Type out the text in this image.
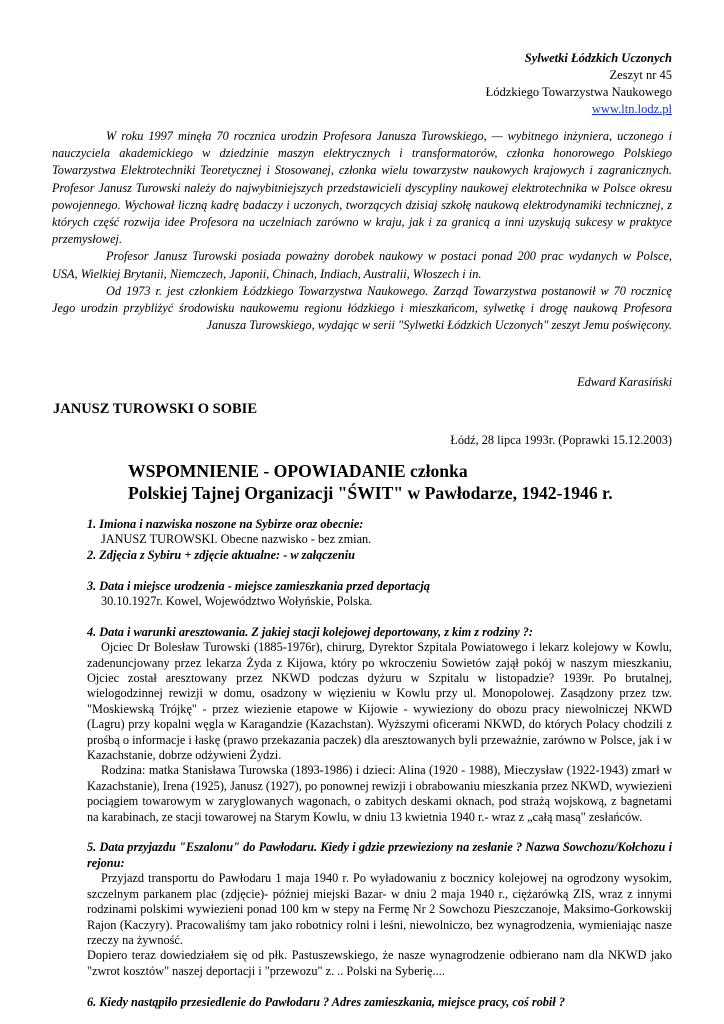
Sylwetki Łódzkich Uczonych
Zeszyt nr 45
Łódzkiego Towarzystwa Naukowego
www.ltn.lodz.pl

W roku 1997 minęła 70 rocznica urodzin Profesora Janusza Turowskiego, — wybitnego inżyniera, uczonego i nauczyciela akademickiego w dziedzinie maszyn elektrycznych i transformatorów, członka honorowego Polskiego Towarzystwa Elektrotechniki Teoretycznej i Stosowanej, członka wielu towarzystw naukowych krajowych i zagranicznych. Profesor Janusz Turowski należy do najwybitniejszych przedstawicieli dyscypliny naukowej elektrotechnika w Polsce okresu powojennego. Wychował liczną kadrę badaczy i uczonych, tworzących dzisiaj szkołę naukową elektrodynamiki technicznej, z których część rozwija idee Profesora na uczelniach zarówno w kraju, jak i za granicą a inni uzyskują sukcesy w praktyce przemysłowej.

Profesor Janusz Turowski posiada poważny dorobek naukowy w postaci ponad 200 prac wydanych w Polsce, USA, Wielkiej Brytanii, Niemczech, Japonii, Chinach, Indiach, Australii, Włoszech i in.

Od 1973 r. jest członkiem Łódzkiego Towarzystwa Naukowego. Zarząd Towarzystwa postanowił w 70 rocznicę Jego urodzin przybliżyć środowisku naukowemu regionu łódzkiego i mieszkańcom, sylwetkę i drogę naukową Profesora Janusza Turowskiego, wydając w serii "Sylwetki Łódzkich Uczonych" zeszyt Jemu poświęcony.

Edward Karasiński
JANUSZ TUROWSKI O SOBIE
Łódź, 28 lipca 1993r. (Poprawki 15.12.2003)
WSPOMNIENIE - OPOWIADANIE członka
Polskiej Tajnej Organizacji "ŚWIT" w Pawłodarze, 1942-1946 r.

1. Imiona i nazwiska noszone na Sybirze oraz obecnie:

JANUSZ TUROWSKI. Obecne nazwisko - bez zmian.

2. Zdjęcia z Sybiru + zdjęcie aktualne: - w załączeniu

3. Data i miejsce urodzenia - miejsce zamieszkania przed deportacją

30.10.1927r. Kowel, Województwo Wołyńskie, Polska.

4. Data i warunki aresztowania. Z jakiej stacji kolejowej deportowany, z kim z rodziny ?:

Ojciec Dr Bolesław Turowski (1885-1976r), chirurg, Dyrektor Szpitala Powiatowego i lekarz kolejowy w Kowlu, zadenuncjowany przez lekarza Żyda z Kijowa, który po wkroczeniu Sowietów zajął pokój w naszym mieszkaniu, Ojciec został aresztowany przez NKWD podczas dyżuru w Szpitalu w listopadzie? 1939r. Po brutalnej, wielogodzinnej rewizji w domu, osadzony w więzieniu w Kowlu przy ul. Monopolowej. Zasądzony przez tzw. "Moskiewską Trójkę" - przez wiezienie etapowe w Kijowie - wywieziony do obozu pracy niewolniczej NKWD (Lagru) przy kopalni węgla w Karagandzie (Kazachstan). Wyższymi oficerami NKWD, do których Polacy chodzili z prośbą o informacje i łaskę (prawo przekazania paczek) dla aresztowanych byli przeważnie, zarówno w Polsce, jak i w Kazachstanie, dobrze odżywieni Żydzi.

Rodzina: matka Stanisława Turowska (1893-1986) i dzieci: Alina (1920 - 1988), Mieczysław (1922-1943) zmarł w Kazachstanie), Irena (1925), Janusz (1927), po ponownej rewizji i obrabowaniu mieszkania przez NKWD, wywiezieni pociągiem towarowym w zaryglowanych wagonach, o zabitych deskami oknach, pod strażą wojskową, z bagnetami na karabinach, ze stacji towarowej na Starym Kowlu, w dniu 13 kwietnia 1940 r.- wraz z „całą masą" zesłańców.

5. Data przyjazdu "Eszalonu" do Pawłodaru. Kiedy i gdzie przewieziony na zesłanie ? Nazwa Sowchozu/Kołchozu i rejonu:

Przyjazd transportu do Pawłodaru 1 maja 1940 r. Po wyładowaniu z bocznicy kolejowej na ogrodzony wysokim, szczelnym parkanem plac (zdjęcie)- później miejski Bazar- w dniu 2 maja 1940 r., ciężarówką ZIS, wraz z innymi rodzinami polskimi wywiezieni ponad 100 km w stepy na Fermę Nr 2 Sowchozu Pieszczanoje, Maksimo-Gorkowskij Rajon (Kaczyry). Pracowaliśmy tam jako robotnicy rolni i leśni, niewolniczo, bez wynagrodzenia, wymieniając nasze rzeczy na żywność.

Dopiero teraz dowiedziałem się od płk. Pastuszewskiego, że nasze wynagrodzenie odbierano nam dla NKWD jako "zwrot kosztów" naszej deportacji i "przewozu" z. .. Polski na Syberię....

6. Kiedy nastąpiło przesiedlenie do Pawłodaru ? Adres zamieszkania, miejsce pracy, coś robił ?
